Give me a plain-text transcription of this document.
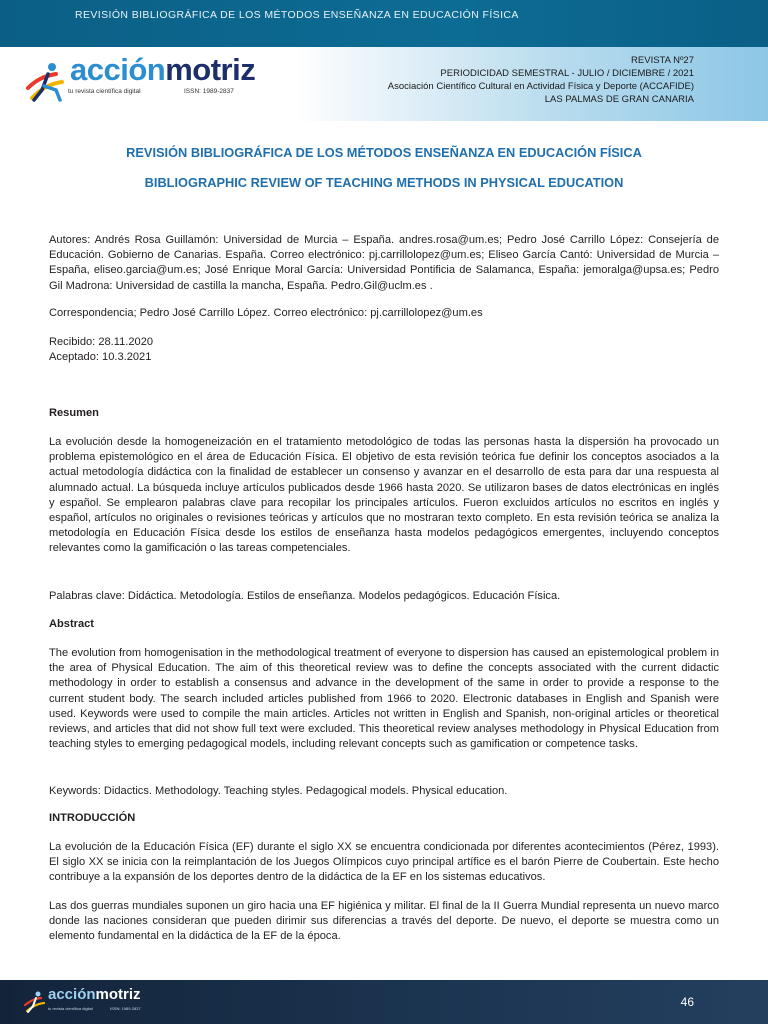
REVISIÓN BIBLIOGRÁFICA DE LOS MÉTODOS ENSEÑANZA EN EDUCACIÓN FÍSICA
acciónmotriz
tu revista científica digital	ISSN: 1989-2837
REVISTA Nº27
PERIODICIDAD SEMESTRAL - JULIO / DICIEMBRE / 2021
Asociación Científico Cultural en Actividad Física y Deporte (ACCAFIDE)
LAS PALMAS DE GRAN CANARIA
REVISIÓN BIBLIOGRÁFICA DE LOS MÉTODOS ENSEÑANZA EN EDUCACIÓN FÍSICA
BIBLIOGRAPHIC REVIEW OF TEACHING METHODS IN PHYSICAL EDUCATION

Autores: Andrés Rosa Guillamón: Universidad de Murcia – España. andres.rosa@um.es; Pedro José Carrillo López: Consejería de Educación. Gobierno de Canarias. España. Correo electrónico: pj.carrillolopez@um.es; Eliseo García Cantó: Universidad de Murcia – España, eliseo.garcia@um.es; José Enrique Moral García: Universidad Pontificia de Salamanca, España: jemoralga@upsa.es; Pedro Gil Madrona: Universidad de castilla la mancha, España. Pedro.Gil@uclm.es .

Correspondencia; Pedro José Carrillo López. Correo electrónico: pj.carrillolopez@um.es

Recibido: 28.11.2020

Aceptado: 10.3.2021

Resumen

La evolución desde la homogeneización en el tratamiento metodológico de todas las personas hasta la dispersión ha provocado un problema epistemológico en el área de Educación Física. El objetivo de esta revisión teórica fue definir los conceptos asociados a la actual metodología didáctica con la finalidad de establecer un consenso y avanzar en el desarrollo de esta para dar una respuesta al alumnado actual. La búsqueda incluye artículos publicados desde 1966 hasta 2020. Se utilizaron bases de datos electrónicas en inglés y español. Se emplearon palabras clave para recopilar los principales artículos. Fueron excluidos artículos no escritos en inglés y español, artículos no originales o revisiones teóricas y artículos que no mostraran texto completo. En esta revisión teórica se analiza la metodología en Educación Física desde los estilos de enseñanza hasta modelos pedagógicos emergentes, incluyendo conceptos relevantes como la gamificación o las tareas competenciales.

Palabras clave: Didáctica. Metodología. Estilos de enseñanza. Modelos pedagógicos. Educación Física.

Abstract

The evolution from homogenisation in the methodological treatment of everyone to dispersion has caused an epistemological problem in the area of Physical Education. The aim of this theoretical review was to define the concepts associated with the current didactic methodology in order to establish a consensus and advance in the development of the same in order to provide a response to the current student body. The search included articles published from 1966 to 2020. Electronic databases in English and Spanish were used. Keywords were used to compile the main articles. Articles not written in English and Spanish, non-original articles or theoretical reviews, and articles that did not show full text were excluded. This theoretical review analyses methodology in Physical Education from teaching styles to emerging pedagogical models, including relevant concepts such as gamification or competence tasks.

Keywords: Didactics. Methodology. Teaching styles. Pedagogical models. Physical education.

INTRODUCCIÓN

La evolución de la Educación Física (EF) durante el siglo XX se encuentra condicionada por diferentes acontecimientos (Pérez, 1993). El siglo XX se inicia con la reimplantación de los Juegos Olímpicos cuyo principal artífice es el barón Pierre de Coubertain. Este hecho contribuye a la expansión de los deportes dentro de la didáctica de la EF en los sistemas educativos.

Las dos guerras mundiales suponen un giro hacia una EF higiénica y militar. El final de la II Guerra Mundial representa un nuevo marco donde las naciones consideran que pueden dirimir sus diferencias a través del deporte. De nuevo, el deporte se muestra como un elemento fundamental en la didáctica de la EF de la época.

acciónmotriz
tu revista científica digital	ISSN: 1989-2837	46
